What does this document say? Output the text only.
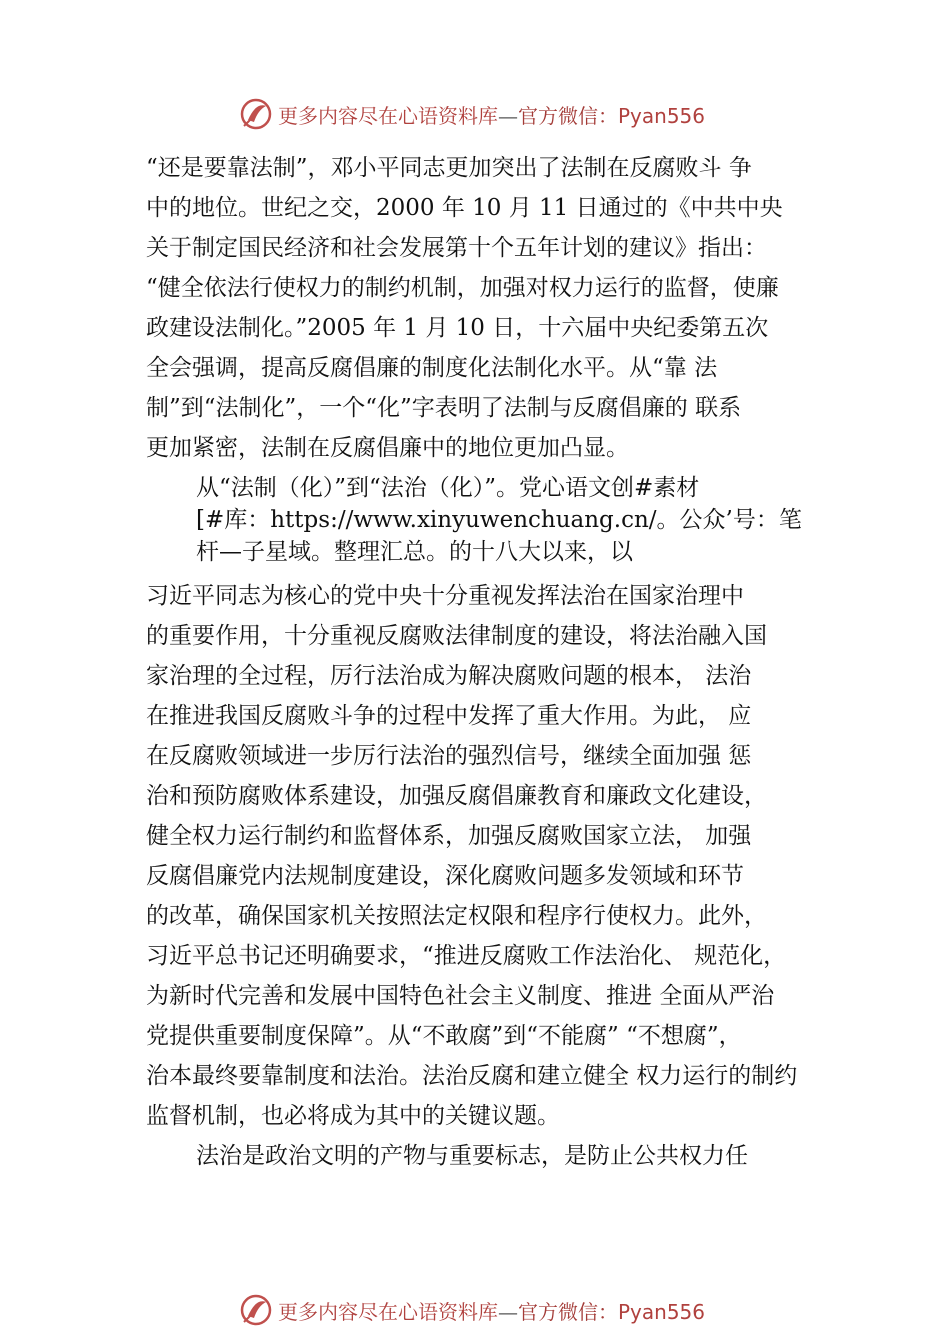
更多内容尽在心语资料库—官方微信：Pyan556
“还是要靠法制”，邓小平同志更加突出了法制在反腐败斗 争
中的地位。世纪之交，2000 年 10 月 11 日通过的《中共中央
关于制定国民经济和社会发展第十个五年计划的建议》指出：
“健全依法行使权力的制约机制，加强对权力运行的监督，使廉
政建设法制化。”2005 年 1 月 10 日，十六届中央纪委第五次
全会强调，提高反腐倡廉的制度化法制化水平。从“靠 法
制”到“法制化”，一个“化”字表明了法制与反腐倡廉的 联系
更加紧密，法制在反腐倡廉中的地位更加凸显。
从“法制（化）”到“法治（化）”。党心语文创#素材
[#库：https://www.xinyuwenchuang.cn/。公众’号：笔
杆—子星域。整理汇总。的十八大以来，以
习近平同志为核心的党中央十分重视发挥法治在国家治理中
的重要作用，十分重视反腐败法律制度的建设，将法治融入国
家治理的全过程，厉行法治成为解决腐败问题的根本， 法治
在推进我国反腐败斗争的过程中发挥了重大作用。为此， 应
在反腐败领域进一步厉行法治的强烈信号，继续全面加强 惩
治和预防腐败体系建设，加强反腐倡廉教育和廉政文化建设，
健全权力运行制约和监督体系，加强反腐败国家立法， 加强
反腐倡廉党内法规制度建设，深化腐败问题多发领域和环节
的改革，确保国家机关按照法定权限和程序行使权力。此外，
习近平总书记还明确要求，“推进反腐败工作法治化、 规范化，
为新时代完善和发展中国特色社会主义制度、推进 全面从严治
党提供重要制度保障”。从“不敢腐”到“不能腐” “不想腐”，
治本最终要靠制度和法治。法治反腐和建立健全 权力运行的制约
监督机制，也必将成为其中的关键议题。
法治是政治文明的产物与重要标志，是防止公共权力任
更多内容尽在心语资料库—官方微信：Pyan556
